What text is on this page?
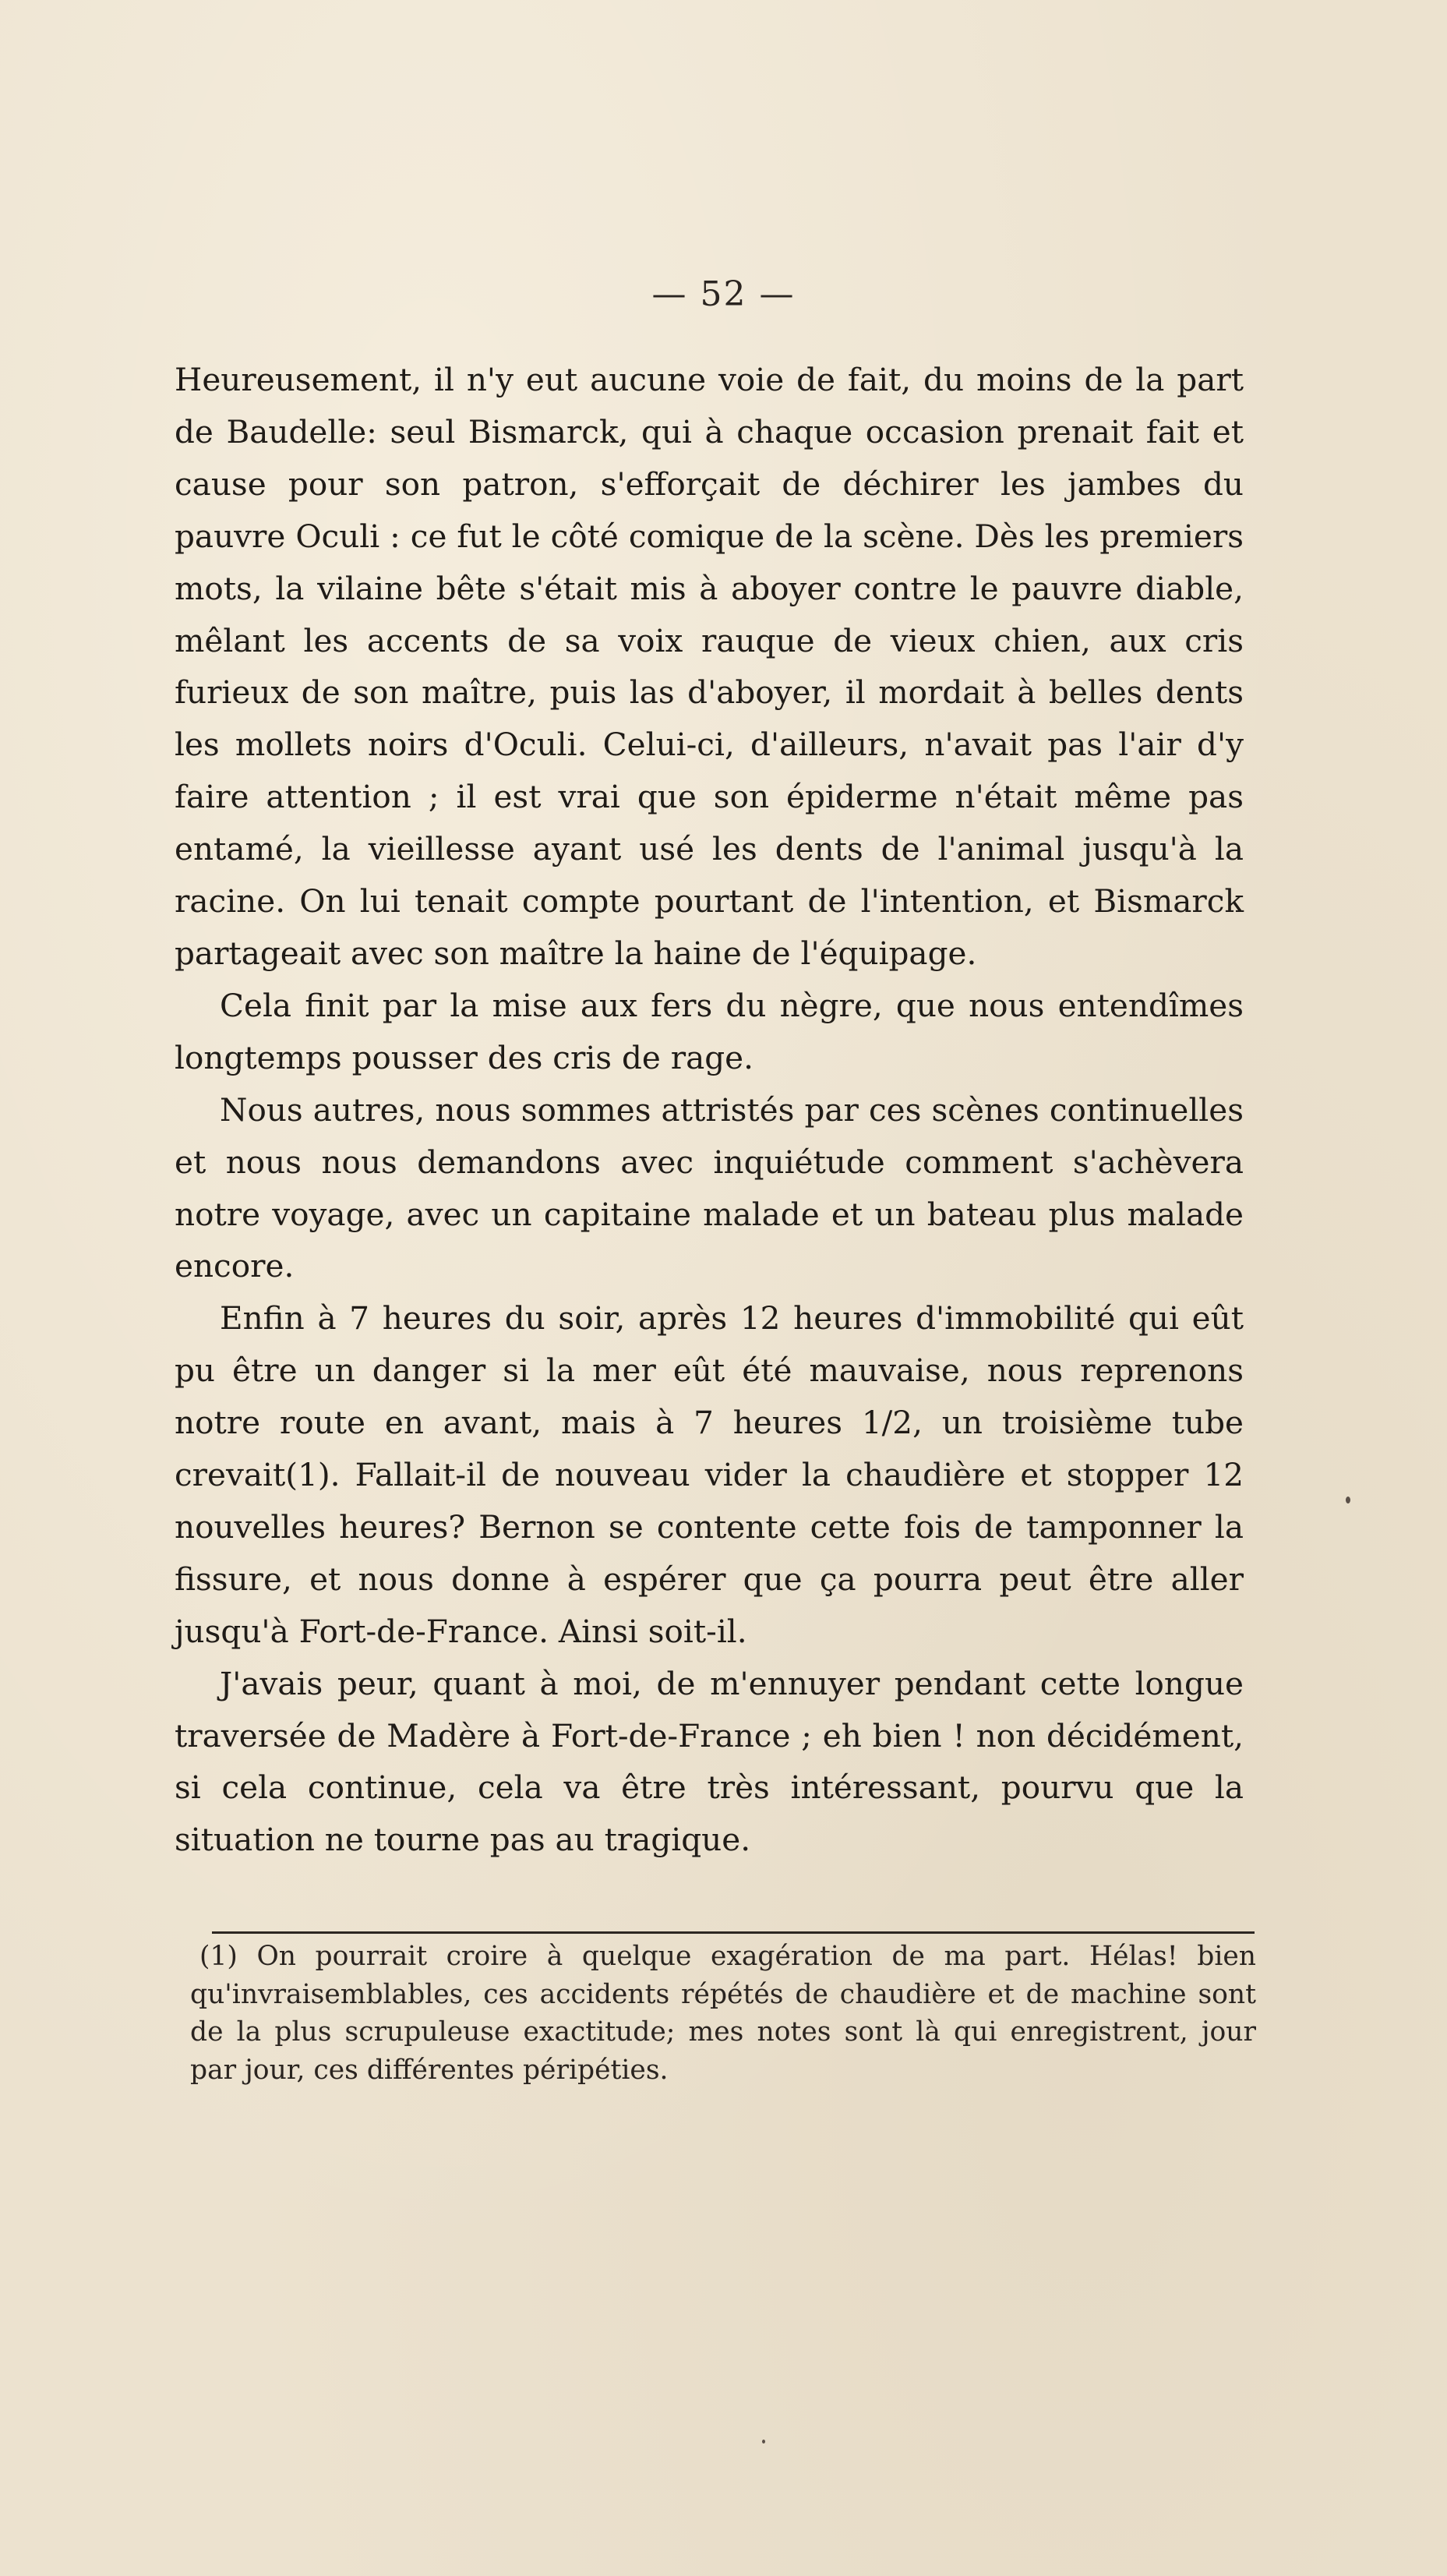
— 52 —

Heureusement, il n'y eut aucune voie de fait, du moins de la part de Baudelle: seul Bismarck, qui à chaque occasion prenait fait et cause pour son patron, s'efforçait de déchirer les jambes du pauvre Oculi : ce fut le côté comique de la scène. Dès les premiers mots, la vilaine bête s'était mis à aboyer contre le pauvre diable, mêlant les accents de sa voix rauque de vieux chien, aux cris furieux de son maître, puis las d'aboyer, il mordait à belles dents les mollets noirs d'Oculi. Celui-ci, d'ailleurs, n'avait pas l'air d'y faire attention ; il est vrai que son épiderme n'était même pas entamé, la vieillesse ayant usé les dents de l'animal jusqu'à la racine. On lui tenait compte pourtant de l'intention, et Bismarck partageait avec son maître la haine de l'équipage.

Cela finit par la mise aux fers du nègre, que nous entendîmes longtemps pousser des cris de rage.

Nous autres, nous sommes attristés par ces scènes continuelles et nous nous demandons avec inquiétude comment s'achèvera notre voyage, avec un capitaine malade et un bateau plus malade encore.

Enfin à 7 heures du soir, après 12 heures d'immobilité qui eût pu être un danger si la mer eût été mauvaise, nous reprenons notre route en avant, mais à 7 heures 1/2, un troisième tube crevait(1). Fallait-il de nouveau vider la chaudière et stopper 12 nouvelles heures? Bernon se contente cette fois de tamponner la fissure, et nous donne à espérer que ça pourra peut être aller jusqu'à Fort-de-France. Ainsi soit-il.

J'avais peur, quant à moi, de m'ennuyer pendant cette longue traversée de Madère à Fort-de-France ; eh bien ! non décidément, si cela continue, cela va être très intéressant, pourvu que la situation ne tourne pas au tragique.

(1) On pourrait croire à quelque exagération de ma part. Hélas! bien qu'invraisemblables, ces accidents répétés de chaudière et de machine sont de la plus scrupuleuse exactitude; mes notes sont là qui enregistrent, jour par jour, ces différentes péripéties.
